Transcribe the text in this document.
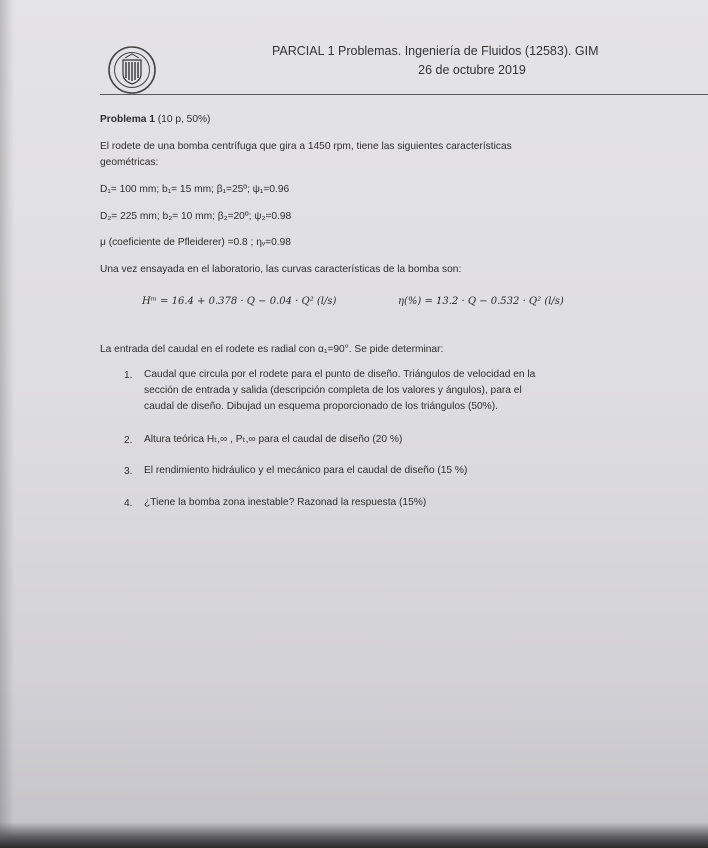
PARCIAL 1 Problemas. Ingeniería de Fluidos (12583). GIM
26 de octubre 2019
Problema 1 (10 p, 50%)
El rodete de una bomba centrífuga que gira a 1450 rpm, tiene las siguientes características
geométricas:
D₁= 100 mm; b₁= 15 mm; β₁=25º; ψ₁=0.96
D₂= 225 mm; b₂= 10 mm; β₂=20º; ψ₂=0.98
μ (coeficiente de Pfleiderer) =0.8 ; ηᵥ=0.98
Una vez ensayada en el laboratorio, las curvas características de la bomba son:
Hᵐ = 16.4 + 0.378 · Q − 0.04 · Q² (l/s)	η(%) = 13.2 · Q − 0.532 · Q² (l/s)
La entrada del caudal en el rodete es radial con α₁=90°. Se pide determinar:
1. Caudal que circula por el rodete para el punto de diseño. Triángulos de velocidad en la
sección de entrada y salida (descripción completa de los valores y ángulos), para el
caudal de diseño. Dibujad un esquema proporcionado de los triángulos (50%).
2. Altura teórica Hₜ,∞ , Pₜ,∞ para el caudal de diseño (20 %)
3. El rendimiento hidráulico y el mecánico para el caudal de diseño (15 %)
4. ¿Tiene la bomba zona inestable? Razonad la respuesta (15%)
